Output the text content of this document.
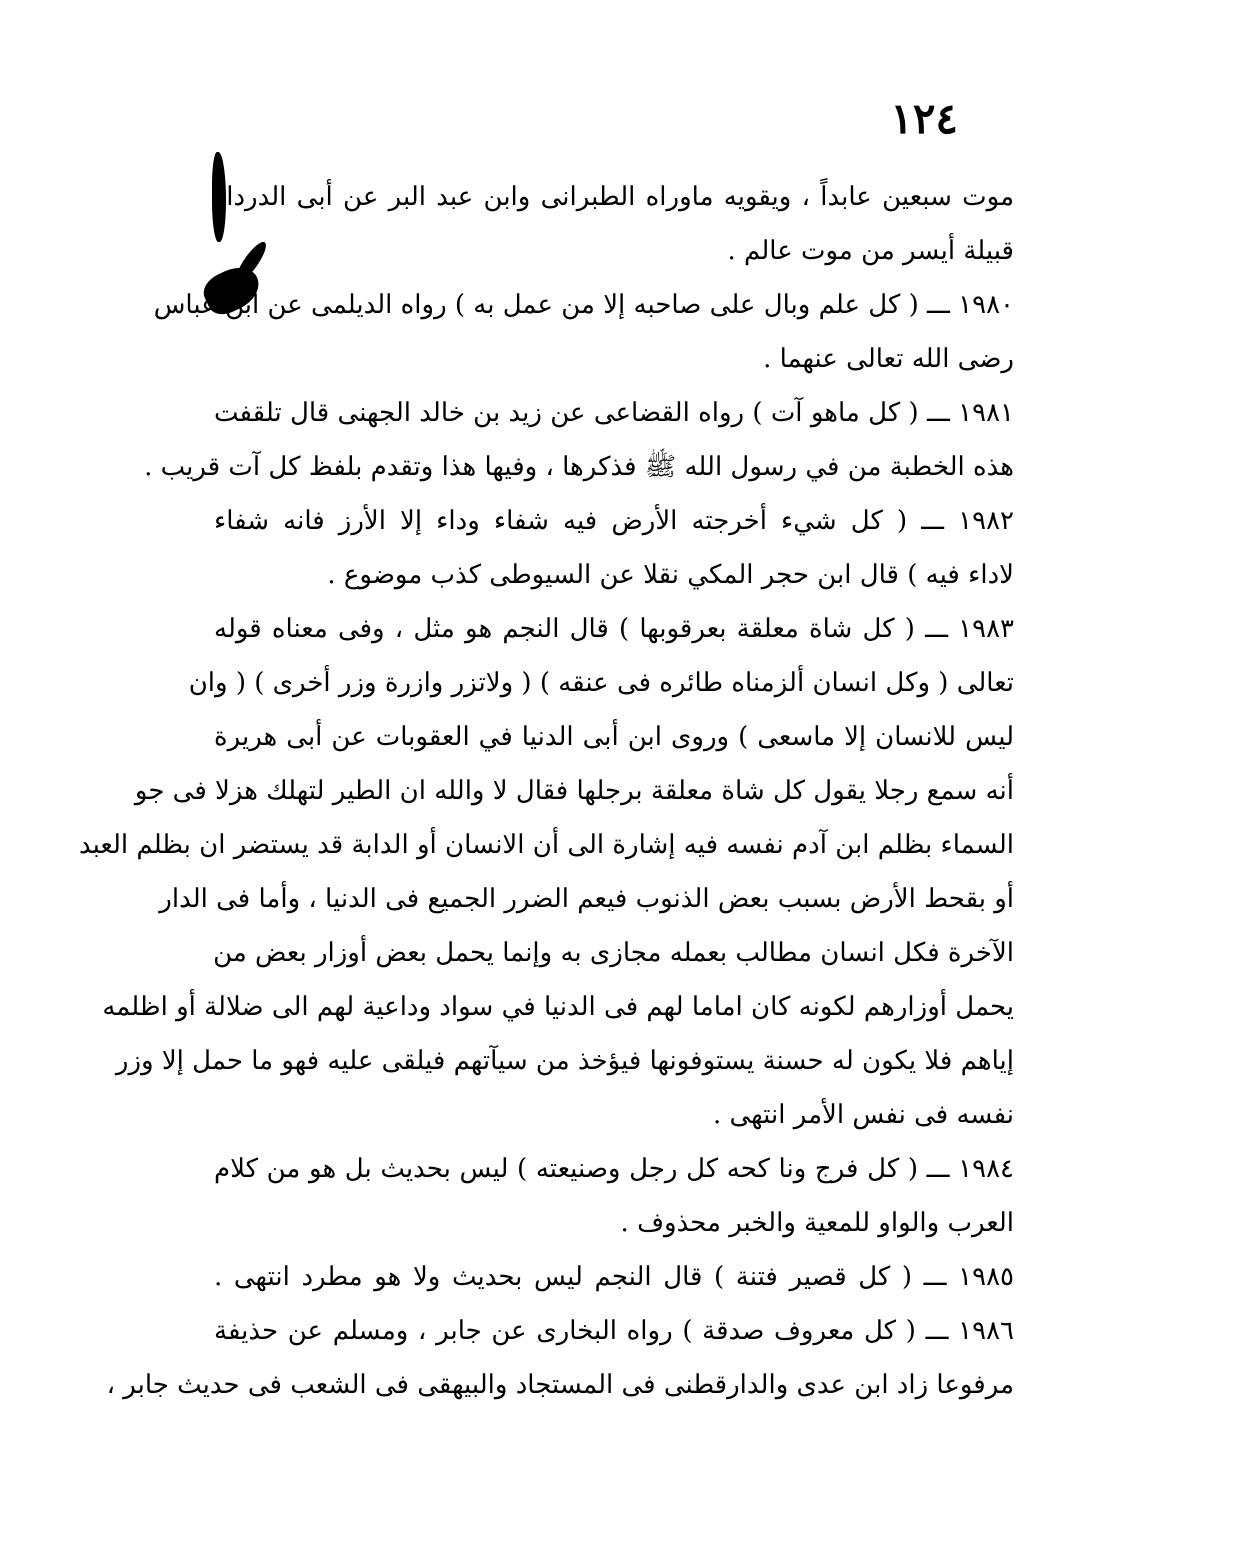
١٢٤
موت سبعين عابداً ، ويقويه ماوراه الطبرانى وابن عبد البر عن أبى الدرداء
قبيلة أيسر من موت عالم .
١٩٨٠ ـــ ( كل علم وبال على صاحبه إلا من عمل به ) رواه الديلمى عن ابن عباس
رضى الله تعالى عنهما .
١٩٨١ ـــ ( كل ماهو آت ) رواه القضاعى عن زيد بن خالد الجهنى قال تلقفت
هذه الخطبة من في رسول الله ﷺ فذكرها ، وفيها هذا وتقدم بلفظ كل آت قريب .
١٩٨٢ ـــ ( كل شيء أخرجته الأرض فيه شفاء وداء إلا الأرز فانه شفاء
لاداء فيه ) قال ابن حجر المكي نقلا عن السيوطى كذب موضوع .
١٩٨٣ ـــ ( كل شاة معلقة بعرقوبها ) قال النجم هو مثل ، وفى معناه قوله
تعالى ( وكل انسان ألزمناه طائره فى عنقه ) ( ولاتزر وازرة وزر أخرى ) ( وان
ليس للانسان إلا ماسعى ) وروى ابن أبى الدنيا في العقوبات عن أبى هريرة
أنه سمع رجلا يقول كل شاة معلقة برجلها فقال لا والله ان الطير لتهلك هزلا فى جو
السماء بظلم ابن آدم نفسه فيه إشارة الى أن الانسان أو الدابة قد يستضر ان بظلم العبد
أو بقحط الأرض بسبب بعض الذنوب فيعم الضرر الجميع فى الدنيا ، وأما فى الدار
الآخرة فكل انسان مطالب بعمله مجازى به وإنما يحمل بعض أوزار بعض من
يحمل أوزارهم لكونه كان اماما لهم فى الدنيا في سواد وداعية لهم الى ضلالة أو اظلمه
إياهم فلا يكون له حسنة يستوفونها فيؤخذ من سيآتهم فيلقى عليه فهو ما حمل إلا وزر
نفسه فى نفس الأمر انتهى .
١٩٨٤ ـــ ( كل فرج ونا كحه كل رجل وصنيعته ) ليس بحديث بل هو من كلام
العرب والواو للمعية والخبر محذوف .
١٩٨٥ ـــ ( كل قصير فتنة ) قال النجم ليس بحديث ولا هو مطرد انتهى .
١٩٨٦ ـــ ( كل معروف صدقة ) رواه البخارى عن جابر ، ومسلم عن حذيفة
مرفوعا زاد ابن عدى والدارقطنى فى المستجاد والبيهقى فى الشعب فى حديث جابر ،
